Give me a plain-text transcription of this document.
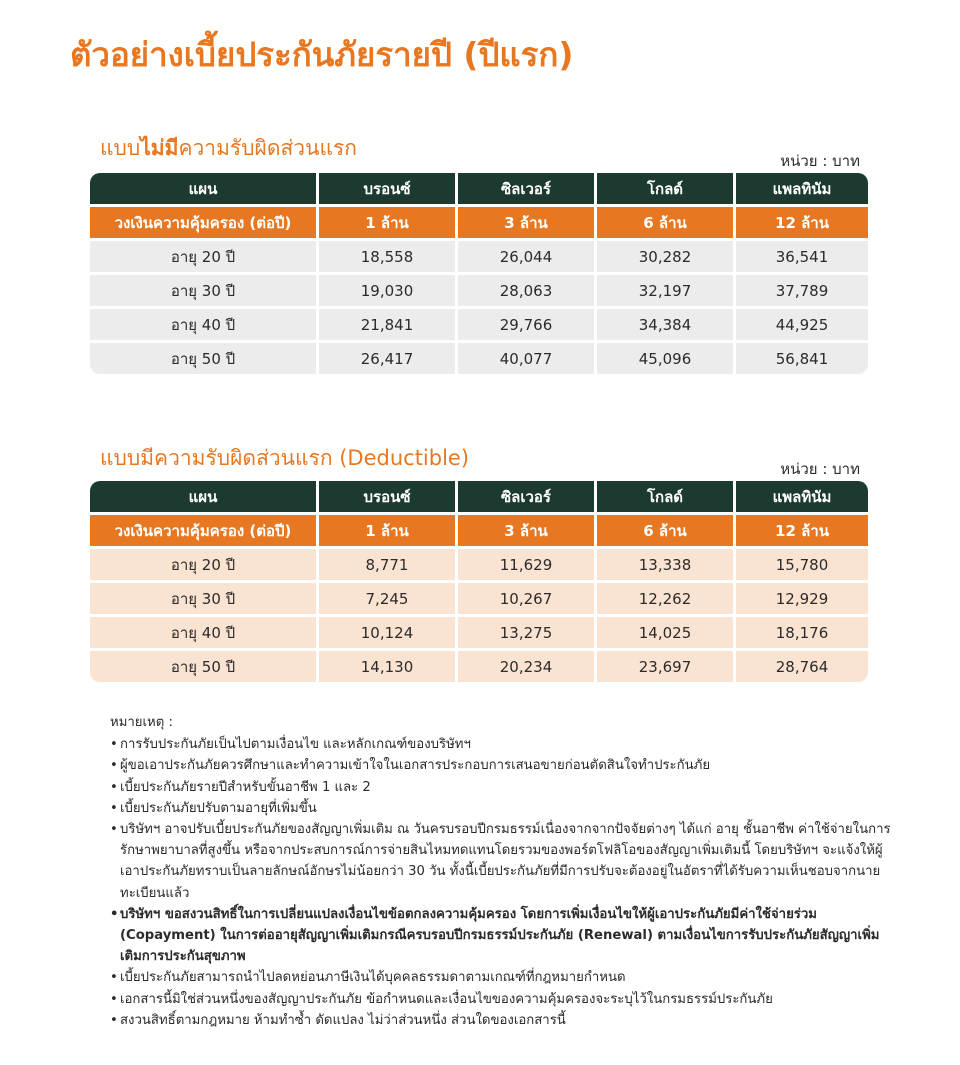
ตัวอย่างเบี้ยประกันภัยรายปี (ปีแรก)
แบบไม่มีความรับผิดส่วนแรก
หน่วย : บาท
แผน	บรอนซ์	ซิลเวอร์	โกลด์	แพลทินัม
วงเงินความคุ้มครอง (ต่อปี)	1 ล้าน	3 ล้าน	6 ล้าน	12 ล้าน
อายุ 20 ปี	18,558	26,044	30,282	36,541
อายุ 30 ปี	19,030	28,063	32,197	37,789
อายุ 40 ปี	21,841	29,766	34,384	44,925
อายุ 50 ปี	26,417	40,077	45,096	56,841
แบบมีความรับผิดส่วนแรก (Deductible)	หน่วย : บาท
แผน	บรอนซ์	ซิลเวอร์	โกลด์	แพลทินัม
วงเงินความคุ้มครอง (ต่อปี)	1 ล้าน	3 ล้าน	6 ล้าน	12 ล้าน
อายุ 20 ปี	8,771	11,629	13,338	15,780
อายุ 30 ปี	7,245	10,267	12,262	12,929
อายุ 40 ปี	10,124	13,275	14,025	18,176
อายุ 50 ปี	14,130	20,234	23,697	28,764
หมายเหตุ :
• การรับประกันภัยเป็นไปตามเงื่อนไข และหลักเกณฑ์ของบริษัทฯ
• ผู้ขอเอาประกันภัยควรศึกษาและทำความเข้าใจในเอกสารประกอบการเสนอขายก่อนตัดสินใจทำประกันภัย
• เบี้ยประกันภัยรายปีสำหรับขั้นอาชีพ 1 และ 2
• เบี้ยประกันภัยปรับตามอายุที่เพิ่มขึ้น
• บริษัทฯ อาจปรับเบี้ยประกันภัยของสัญญาเพิ่มเติม ณ วันครบรอบปีกรมธรรม์เนื่องจากจากปัจจัยต่างๆ ได้แก่ อายุ ชั้นอาชีพ ค่าใช้จ่ายในการรักษาพยาบาลที่สูงขึ้น หรือจากประสบการณ์การจ่ายสินไหมทดแทนโดยรวมของพอร์ตโฟลิโอของสัญญาเพิ่มเติมนี้ โดยบริษัทฯ จะแจ้งให้ผู้เอาประกันภัยทราบเป็นลายลักษณ์อักษรไม่น้อยกว่า 30 วัน ทั้งนี้เบี้ยประกันภัยที่มีการปรับจะต้องอยู่ในอัตราที่ได้รับความเห็นชอบจากนายทะเบียนแล้ว
• บริษัทฯ ขอสงวนสิทธิ์ในการเปลี่ยนแปลงเงื่อนไขข้อตกลงความคุ้มครอง โดยการเพิ่มเงื่อนไขให้ผู้เอาประกันภัยมีค่าใช้จ่ายร่วม (Copayment) ในการต่ออายุสัญญาเพิ่มเติมกรณีครบรอบปีกรมธรรม์ประกันภัย (Renewal) ตามเงื่อนไขการรับประกันภัยสัญญาเพิ่มเติมการประกันสุขภาพ
• เบี้ยประกันภัยสามารถนำไปลดหย่อนภาษีเงินได้บุคคลธรรมดาตามเกณฑ์ที่กฎหมายกำหนด
• เอกสารนี้มิใช่ส่วนหนึ่งของสัญญาประกันภัย ข้อกำหนดและเงื่อนไขของความคุ้มครองจะระบุไว้ในกรมธรรม์ประกันภัย
• สงวนสิทธิ์ตามกฎหมาย ห้ามทำซ้ำ ดัดแปลง ไม่ว่าส่วนหนึ่ง ส่วนใดของเอกสารนี้
